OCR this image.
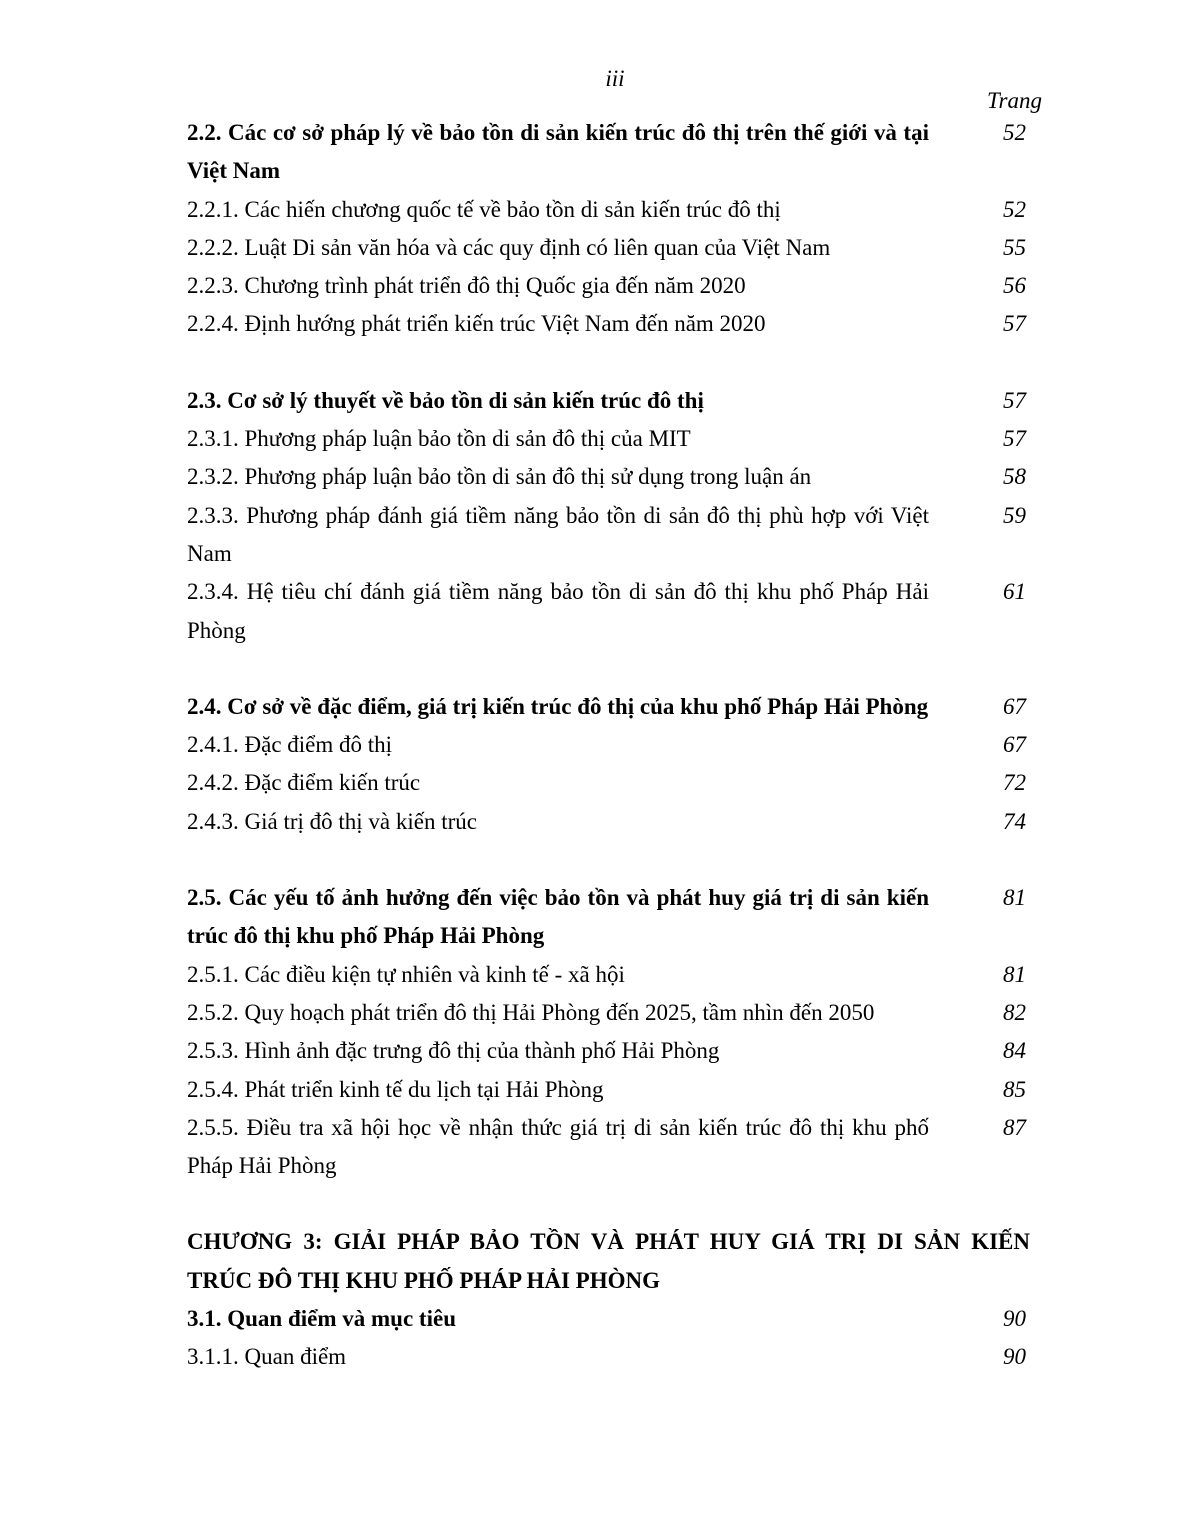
iii
Trang
2.2. Các cơ sở pháp lý về bảo tồn di sản kiến trúc đô thị trên thế giới và tại Việt Nam
52
2.2.1. Các hiến chương quốc tế về bảo tồn di sản kiến trúc đô thị	52
2.2.2. Luật Di sản văn hóa và các quy định có liên quan của Việt Nam	55
2.2.3. Chương trình phát triển đô thị Quốc gia đến năm 2020	56
2.2.4. Định hướng phát triển kiến trúc Việt Nam đến năm 2020	57
2.3. Cơ sở lý thuyết về bảo tồn di sản kiến trúc đô thị	57
2.3.1. Phương pháp luận bảo tồn di sản đô thị của MIT	57
2.3.2. Phương pháp luận bảo tồn di sản đô thị sử dụng trong luận án	58
2.3.3. Phương pháp đánh giá tiềm năng bảo tồn di sản đô thị phù hợp với Việt Nam
59
2.3.4. Hệ tiêu chí đánh giá tiềm năng bảo tồn di sản đô thị khu phố Pháp Hải Phòng
61
2.4. Cơ sở về đặc điểm, giá trị kiến trúc đô thị của khu phố Pháp Hải Phòng	67
2.4.1. Đặc điểm đô thị	67
2.4.2. Đặc điểm kiến trúc	72
2.4.3. Giá trị đô thị và kiến trúc	74
2.5. Các yếu tố ảnh hưởng đến việc bảo tồn và phát huy giá trị di sản kiến trúc đô thị khu phố Pháp Hải Phòng
81
2.5.1. Các điều kiện tự nhiên và kinh tế - xã hội	81
2.5.2. Quy hoạch phát triển đô thị Hải Phòng đến 2025, tầm nhìn đến 2050	82
2.5.3. Hình ảnh đặc trưng đô thị của thành phố Hải Phòng	84
2.5.4. Phát triển kinh tế du lịch tại Hải Phòng	85
2.5.5. Điều tra xã hội học về nhận thức giá trị di sản kiến trúc đô thị khu phố Pháp Hải Phòng
87
CHƯƠNG 3: GIẢI PHÁP BẢO TỒN VÀ PHÁT HUY GIÁ TRỊ DI SẢN KIẾN TRÚC ĐÔ THỊ KHU PHỐ PHÁP HẢI PHÒNG
3.1. Quan điểm và mục tiêu	90
3.1.1. Quan điểm	90
